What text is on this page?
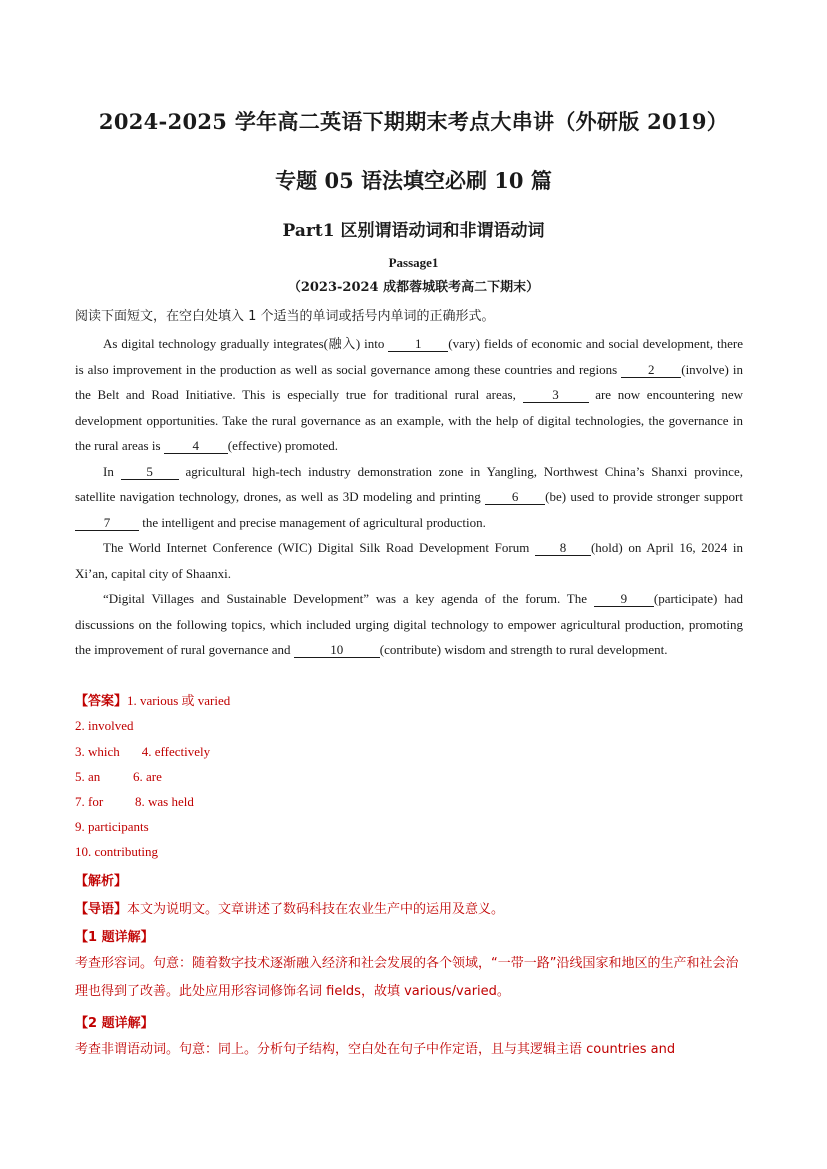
2024-2025 学年高二英语下期期末考点大串讲（外研版 2019）
专题 05 语法填空必刷 10 篇
Part1 区别谓语动词和非谓语动词
Passage1
（2023-2024 成都蓉城联考高二下期末）
阅读下面短文，在空白处填入 1 个适当的单词或括号内单词的正确形式。

As digital technology gradually integrates(融入) into 1 (vary) fields of economic and social development, there is also improvement in the production as well as social governance among these countries and regions 2 (involve) in the Belt and Road Initiative. This is especially true for traditional rural areas, 3 are now encountering new development opportunities. Take the rural governance as an example, with the help of digital technologies, the governance in the rural areas is 4 (effective) promoted.

In 5 agricultural high-tech industry demonstration zone in Yangling, Northwest China’s Shanxi province, satellite navigation technology, drones, as well as 3D modeling and printing 6 (be) used to provide stronger support 7 the intelligent and precise management of agricultural production.

The World Internet Conference (WIC) Digital Silk Road Development Forum 8 (hold) on April 16, 2024 in Xi’an, capital city of Shaanxi.

“Digital Villages and Sustainable Development” was a key agenda of the forum. The 9 (participate) had discussions on the following topics, which included urging digital technology to empower agricultural production, promoting the improvement of rural governance and	10	(contribute) wisdom and strength to rural development.

【答案】1. various 或 varied
2. involved
3. which 4. effectively
5. an	6. are
7. for 8. was held
9. participants
10. contributing
【解析】
【导语】本文为说明文。文章讲述了数码科技在农业生产中的运用及意义。
【1 题详解】
考查形容词。句意：随着数字技术逐渐融入经济和社会发展的各个领域，“一带一路”沿线国家和地区的生产和社会治理也得到了改善。此处应用形容词修饰名词 fields，故填 various/varied。
【2 题详解】
考查非谓语动词。句意：同上。分析句子结构，空白处在句子中作定语，且与其逻辑主语 countries and
